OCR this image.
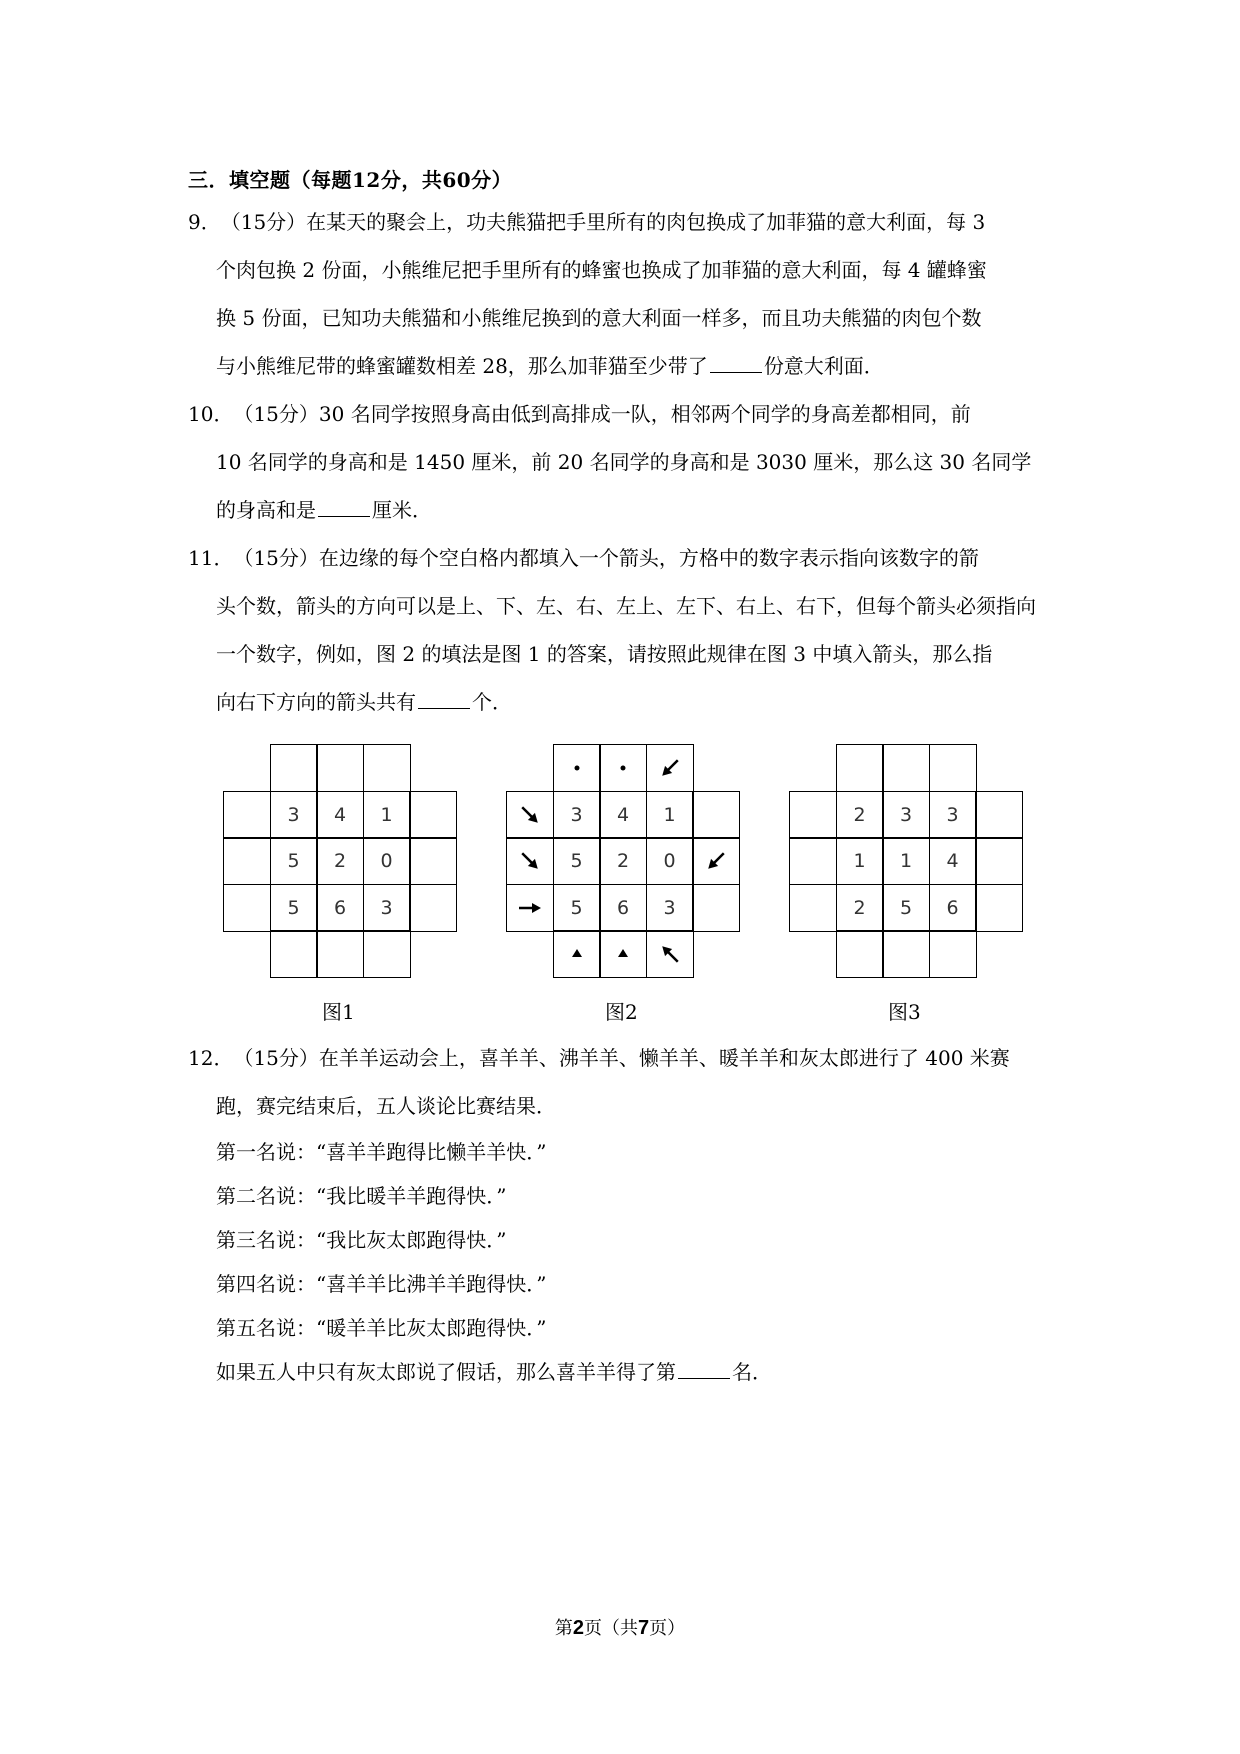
三．填空题（每题12分，共60分）
9．（15分）在某天的聚会上，功夫熊猫把手里所有的肉包换成了加菲猫的意大利面，每 3
个肉包换 2 份面，小熊维尼把手里所有的蜂蜜也换成了加菲猫的意大利面，每 4 罐蜂蜜
换 5 份面，已知功夫熊猫和小熊维尼换到的意大利面一样多，而且功夫熊猫的肉包个数
与小熊维尼带的蜂蜜罐数相差 28，那么加菲猫至少带了	份意大利面．
10．（15分）30 名同学按照身高由低到高排成一队，相邻两个同学的身高差都相同，前
10 名同学的身高和是 1450 厘米，前 20 名同学的身高和是 3030 厘米，那么这 30 名同学
的身高和是	厘米．
11．（15分）在边缘的每个空白格内都填入一个箭头，方格中的数字表示指向该数字的箭
头个数，箭头的方向可以是上、下、左、右、左上、左下、右上、右下，但每个箭头必须指向
一个数字，例如，图 2 的填法是图 1 的答案，请按照此规律在图 3 中填入箭头，那么指
向右下方向的箭头共有	个．
3	4	1
5	2	0
5	6	3
3	4	1
5	2	0
5	6	3
2	3	3
1	1	4
2	5	6
图1	图2	图3
12．（15分）在羊羊运动会上，喜羊羊、沸羊羊、懒羊羊、暖羊羊和灰太郎进行了 400 米赛
跑，赛完结束后，五人谈论比赛结果．
第一名说：“喜羊羊跑得比懒羊羊快．”
第二名说：“我比暖羊羊跑得快．”
第三名说：“我比灰太郎跑得快．”
第四名说：“喜羊羊比沸羊羊跑得快．”
第五名说：“暖羊羊比灰太郎跑得快．”
如果五人中只有灰太郎说了假话，那么喜羊羊得了第	名．
第2页（共7页）
